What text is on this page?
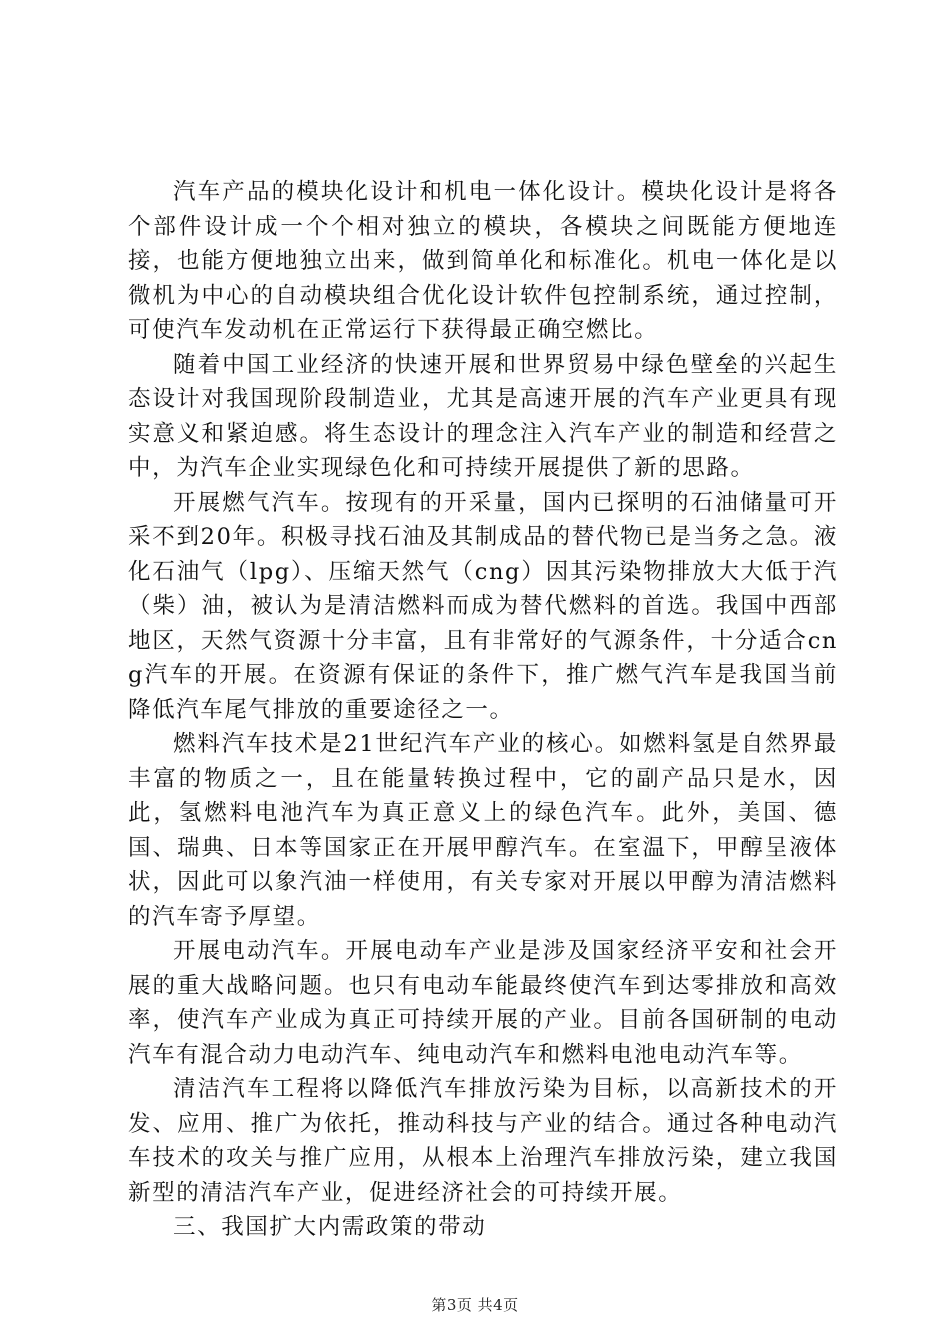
汽车产品的模块化设计和机电一体化设计。模块化设计是将各个部件设计成一个个相对独立的模块，各模块之间既能方便地连接，也能方便地独立出来，做到简单化和标准化。机电一体化是以微机为中心的自动模块组合优化设计软件包控制系统，通过控制，可使汽车发动机在正常运行下获得最正确空燃比。

随着中国工业经济的快速开展和世界贸易中绿色壁垒的兴起生态设计对我国现阶段制造业，尤其是高速开展的汽车产业更具有现实意义和紧迫感。将生态设计的理念注入汽车产业的制造和经营之中，为汽车企业实现绿色化和可持续开展提供了新的思路。

开展燃气汽车。按现有的开采量，国内已探明的石油储量可开采不到20年。积极寻找石油及其制成品的替代物已是当务之急。液化石油气（lpg）、压缩天然气（cng）因其污染物排放大大低于汽（柴）油，被认为是清洁燃料而成为替代燃料的首选。我国中西部地区，天然气资源十分丰富，且有非常好的气源条件，十分适合cng汽车的开展。在资源有保证的条件下，推广燃气汽车是我国当前降低汽车尾气排放的重要途径之一。

燃料汽车技术是21世纪汽车产业的核心。如燃料氢是自然界最丰富的物质之一，且在能量转换过程中，它的副产品只是水，因此，氢燃料电池汽车为真正意义上的绿色汽车。此外，美国、德国、瑞典、日本等国家正在开展甲醇汽车。在室温下，甲醇呈液体状，因此可以象汽油一样使用，有关专家对开展以甲醇为清洁燃料的汽车寄予厚望。

开展电动汽车。开展电动车产业是涉及国家经济平安和社会开展的重大战略问题。也只有电动车能最终使汽车到达零排放和高效率，使汽车产业成为真正可持续开展的产业。目前各国研制的电动汽车有混合动力电动汽车、纯电动汽车和燃料电池电动汽车等。

清洁汽车工程将以降低汽车排放污染为目标，以高新技术的开发、应用、推广为依托，推动科技与产业的结合。通过各种电动汽车技术的攻关与推广应用，从根本上治理汽车排放污染，建立我国新型的清洁汽车产业，促进经济社会的可持续开展。

三、我国扩大内需政策的带动

第3页 共4页
